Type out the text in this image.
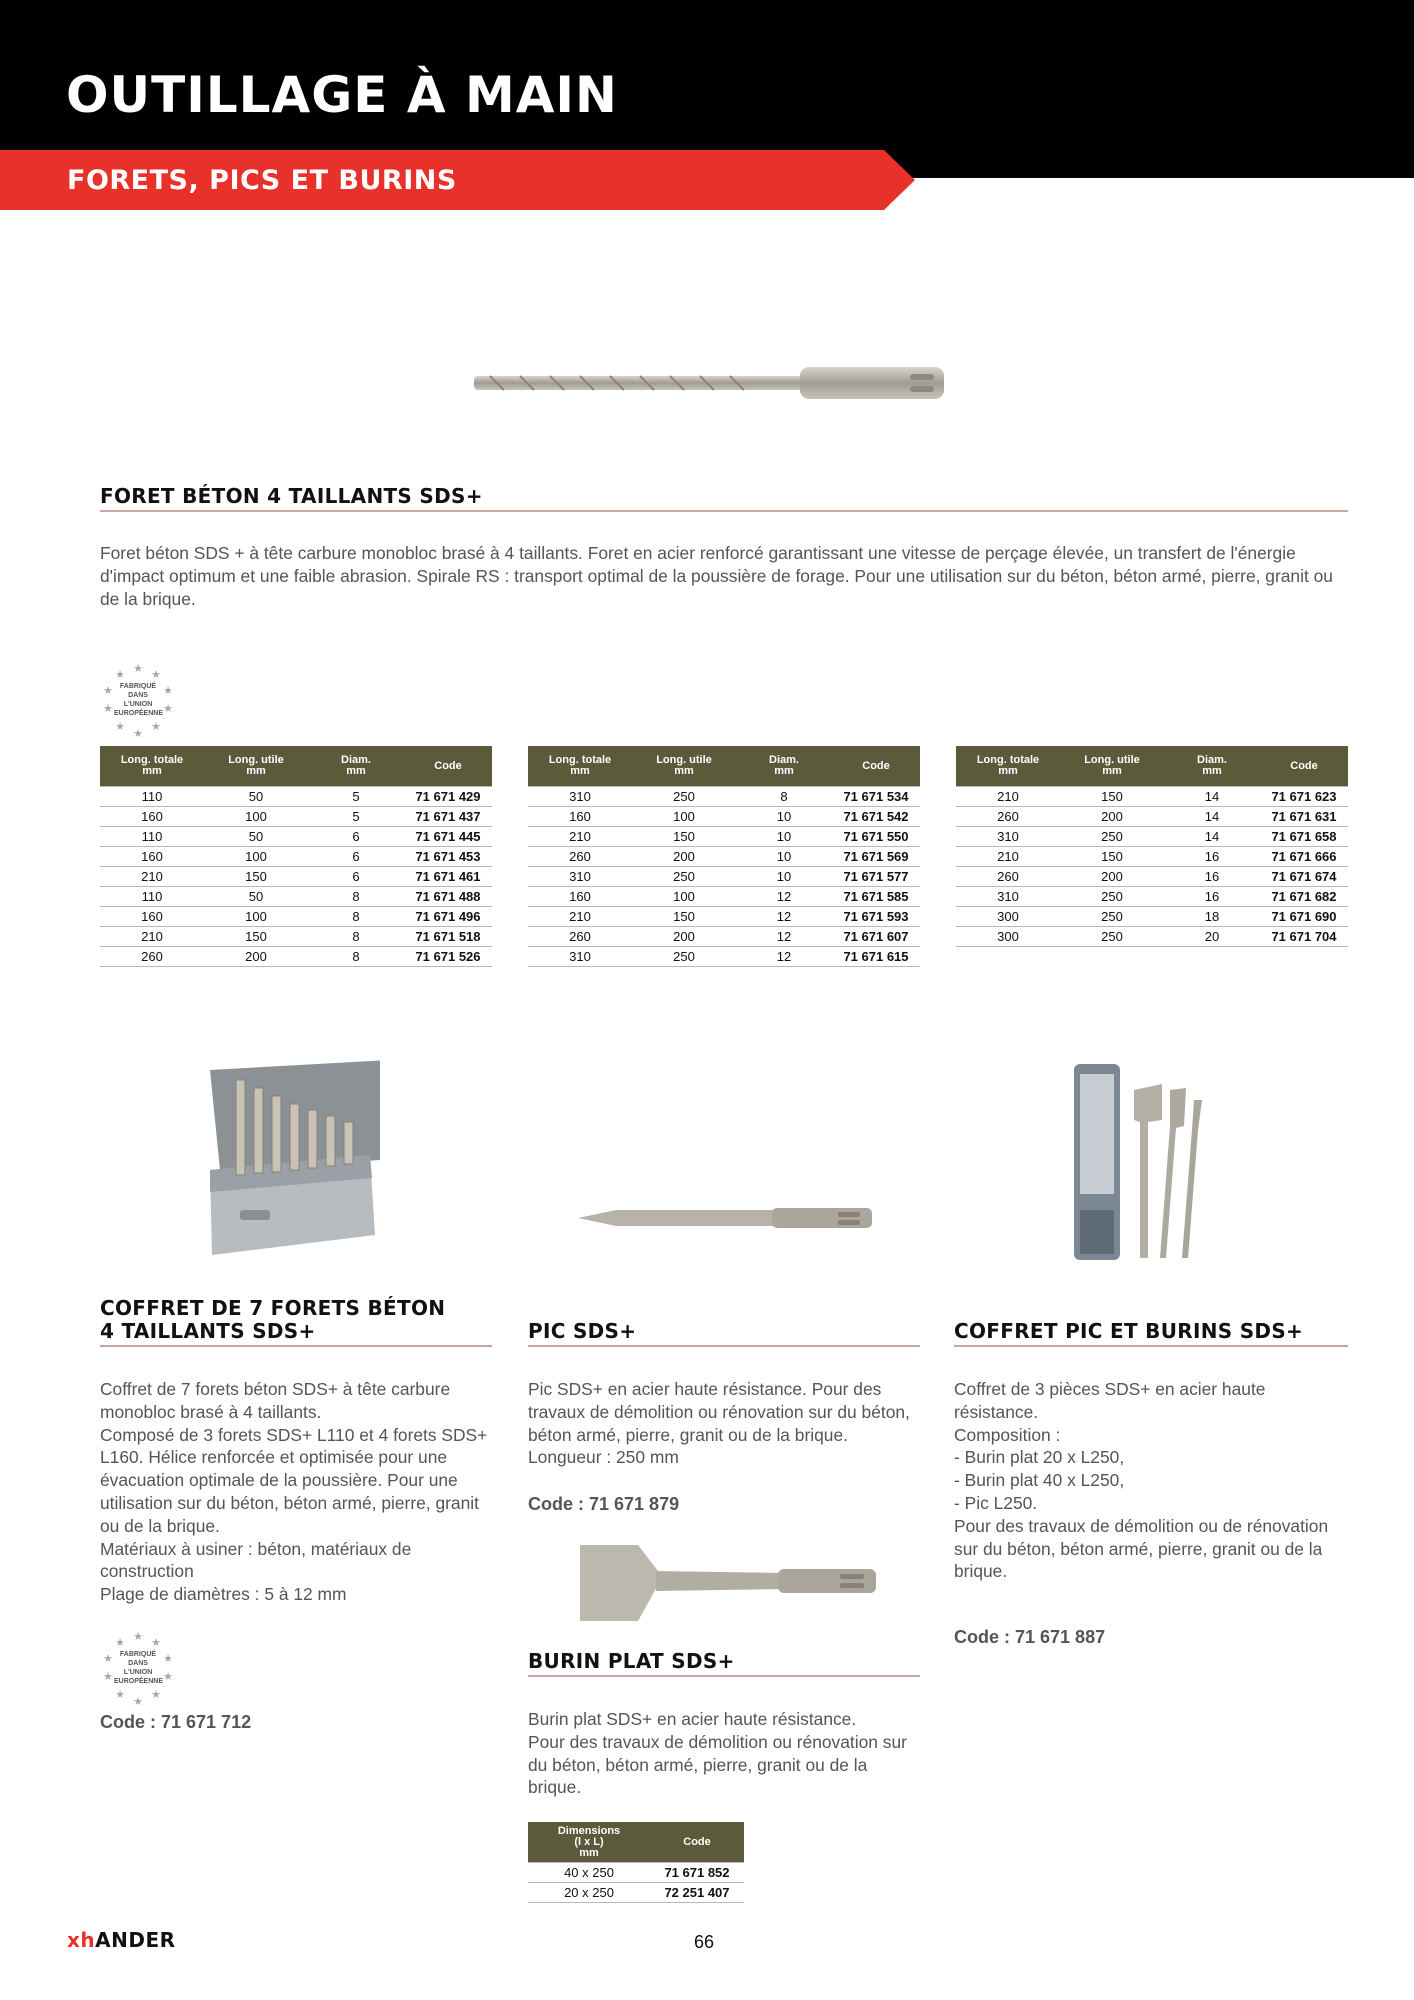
OUTILLAGE À MAIN
FORETS, PICS ET BURINS
FORET BÉTON 4 TAILLANTS SDS+

Foret béton SDS + à tête carbure monobloc brasé à 4 taillants. Foret en acier renforcé garantissant une vitesse de perçage élevée, un transfert de l'énergie d'impact optimum et une faible abrasion. Spirale RS : transport optimal de la poussière de forage. Pour une utilisation sur du béton, béton armé, pierre, granit ou de la brique.

★ ★
★
★
★
★
★
★
★
★
FABRIQUÉ DANS L'UNION EUROPÉENNE
Long. totale
mm	Long. utile
mm	Diam.
mm	Code
110	50	5	71 671 429
160	100	5	71 671 437
110	50	6	71 671 445
160	100	6	71 671 453
210	150	6	71 671 461
110	50	8	71 671 488
160	100	8	71 671 496
210	150	8	71 671 518
260	200	8	71 671 526
Long. totale
mm	Long. utile
mm	Diam.
mm	Code
310	250	8	71 671 534
160	100	10	71 671 542
210	150	10	71 671 550
260	200	10	71 671 569
310	250	10	71 671 577
160	100	12	71 671 585
210	150	12	71 671 593
260	200	12	71 671 607
310	250	12	71 671 615
Long. totale
mm	Long. utile
mm	Diam.
mm	Code
210	150	14	71 671 623
260	200	14	71 671 631
310	250	14	71 671 658
210	150	16	71 671 666
260	200	16	71 671 674
310	250	16	71 671 682
300	250	18	71 671 690
300	250	20	71 671 704
COFFRET DE 7 FORETS BÉTON
4 TAILLANTS SDS+

Coffret de 7 forets béton SDS+ à tête carbure monobloc brasé à 4 taillants.
Composé de 3 forets SDS+ L110 et 4 forets SDS+ L160. Hélice renforcée et optimisée pour une évacuation optimale de la poussière. Pour une utilisation sur du béton, béton armé, pierre, granit ou de la brique.
Matériaux à usiner : béton, matériaux de construction
Plage de diamètres : 5 à 12 mm

★ ★
★
★
★
★
★
★
★
★
FABRIQUÉ DANS L'UNION EUROPÉENNE

Code : 71 671 712

PIC SDS+

Pic SDS+ en acier haute résistance. Pour des travaux de démolition ou rénovation sur du béton, béton armé, pierre, granit ou de la brique.
Longueur : 250 mm

Code : 71 671 879

BURIN PLAT SDS+

Burin plat SDS+ en acier haute résistance.
Pour des travaux de démolition ou rénovation sur du béton, béton armé, pierre, granit ou de la brique.

Dimensions
(l x L)
mm	Code
40 x 250	71 671 852
20 x 250	72 251 407
COFFRET PIC ET BURINS SDS+

Coffret de 3 pièces SDS+ en acier haute résistance.
Composition :
- Burin plat 20 x L250,
- Burin plat 40 x L250,
- Pic L250.
Pour des travaux de démolition ou de rénovation sur du béton, béton armé, pierre, granit ou de la brique.

Code : 71 671 887

xhANDER	66
